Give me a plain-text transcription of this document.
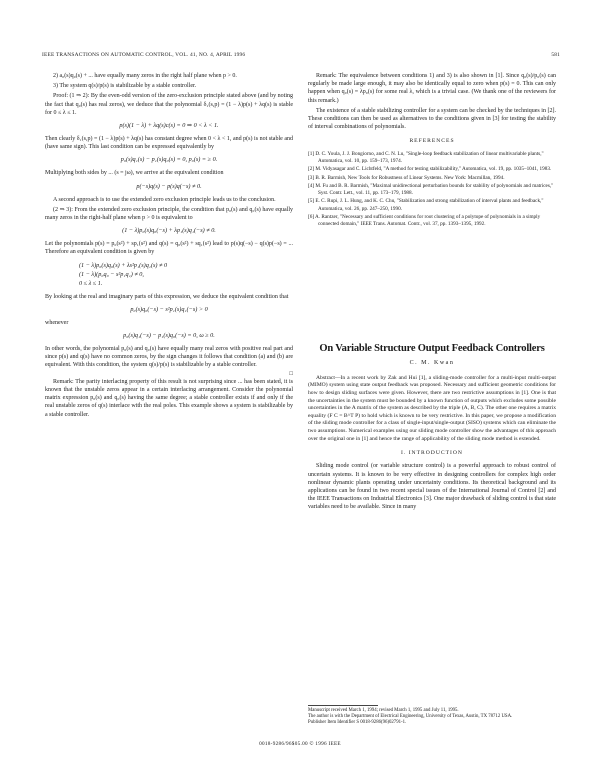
IEEE TRANSACTIONS ON AUTOMATIC CONTROL, VOL. 41, NO. 4, APRIL 1996	581

2) a₀(s)q₀(s) + ... have equally many zeros in the right half plane when p > 0.

3) The system q(s)/p(s) is stabilizable by a stable controller.

Proof: (1 ⇒ 2): By the even-odd version of the zero-exclusion principle stated above (and by noting the fact that q₀(s) has real zeros), we deduce that the polynomial δ₁(s,p) = (1 − λ)p(s) + λq(s) is stable for 0 ≤ λ ≤ 1.

p(s)(1 − λ) + λq(s)c(s) = 0 ⇒ 0 < λ < 1.

Then clearly δ₁(s,p) = (1 − λ)p(s) + λq(s) has constant degree when 0 < λ < 1, and p(s) is not stable and (have same sign). This last condition can be expressed equivalently by

p₀(s)q₁(s) − p₁(s)q₀(s) = 0, p₀(s) = ≥ 0.

Multiplying both sides by ... (s = jω), we arrive at the equivalent condition

p(−s)q(s) − p(s)q(−s) ≠ 0.

A second approach is to use the extended zero exclusion principle leads us to the conclusion.

(2 ⇒ 3): From the extended zero exclusion principle, the condition that p₀(s) and q₀(s) have equally many zeros in the right-half plane when p > 0 is equivalent to

(1 − λ)p₀(s)q₀(−s) + λp₁(s)q₁(−s) ≠ 0.

Let the polynomials p(s) = p₀(s²) + sp₁(s²) and q(s) = q₀(s²) + sq₁(s²) lead to p(s)q(−s) − q(s)p(−s) = ... Therefore an equivalent condition is given by

(1 − λ)p₀(s)q₀(s) + λs²p₁(s)q₁(s) ≠ 0
(1 − λ)(p₀q₀ − s²p₁q₁) ≠ 0,
0 ≤ λ ≤ 1.

By looking at the real and imaginary parts of this expression, we deduce the equivalent condition that

p₀(s)q₀(−s) − s²p₁(s)q₁(−s) > 0

whenever

p₀(s)q₁(−s) − p₁(s)q₀(−s) = 0, ω ≥ 0.

In other words, the polynomial p₀(s) and q₀(s) have equally many real zeros with positive real part and since p(s) and q(s) have no common zeros, by the sign changes it follows that condition (a) and (b) are equivalent. With this condition, the system q(s)/p(s) is stabilizable by a stable controller.

□

Remark: The parity interlacing property of this result is not surprising since ... has been stated, it is known that the unstable zeros appear in a certain interlacing arrangement. Consider the polynomial matrix expression p₀(s) and q₀(s) having the same degree; a stable controller exists if and only if the real unstable zeros of q(s) interlace with the real poles. This example shows a system is stabilizable by a stable controller.

Remark: The equivalence between conditions 1) and 3) is also shown in [1]. Since q₀(s)/p₀(s) can regularly be made large enough, it may also be identically equal to zero when p(s) = 0. This can only happen when q₀(s) = λp₀(s) for some real λ, which is a trivial case. (We thank one of the reviewers for this remark.)

The existence of a stable stabilizing controller for a system can be checked by the techniques in [2]. These conditions can then be used as alternatives to the conditions given in [3] for testing the stability of interval combinations of polynomials.

REFERENCES

[1] D. C. Youla, J. J. Bongiorno, and C. N. Lu, "Single-loop feedback stabilization of linear multivariable plants," Automatica, vol. 10, pp. 159–173, 1974.

[2] M. Vidyasagar and C. Lichtfeld, "A method for testing stabilizability," Automatica, vol. 19, pp. 1035–1041, 1983.

[3] B. R. Barmish, New Tools for Robustness of Linear Systems. New York: Macmillan, 1994.

[4] M. Fu and B. R. Barmish, "Maximal unidirectional perturbation bounds for stability of polynomials and matrices," Syst. Contr. Lett., vol. 11, pp. 173–179, 1988.

[5] E. C. Rupi, J. L. Hung, and K. C. Chu, "Stabilization and strong stabilization of interval plants and feedback," Automatica, vol. 26, pp. 247–250, 1990.

[6] A. Rantzer, "Necessary and sufficient conditions for root clustering of a polytope of polynomials in a simply connected domain," IEEE Trans. Automat. Contr., vol. 37, pp. 1393–1395, 1992.

On Variable Structure Output Feedback Controllers
C. M. Kwan

Abstract—In a recent work by Zak and Hui [1], a sliding-mode controller for a multi-input multi-output (MIMO) system using state output feedback was proposed. Necessary and sufficient geometric conditions for how to design sliding surfaces were given. However, there are two restrictive assumptions in [1]. One is that the uncertainties in the system must be bounded by a known function of outputs which excludes some possible uncertainties in the A matrix of the system as described by the triple (A, B, C). The other one requires a matrix equality (F C = B^T P) to hold which is known to be very restrictive. In this paper, we propose a modification of the sliding mode controller for a class of single-input/single-output (SISO) systems which can eliminate the two assumptions. Numerical examples using our sliding mode controller show the advantages of this approach over the original one in [1] and hence the range of applicability of the sliding mode method is extended.

I. INTRODUCTION

Sliding mode control (or variable structure control) is a powerful approach to robust control of uncertain systems. It is known to be very effective in designing controllers for complex high order nonlinear dynamic plants operating under uncertainty conditions. Its theoretical background and its applications can be found in two recent special issues of the International Journal of Control [2] and the IEEE Transactions on Industrial Electronics [3]. One major drawback of sliding control is that state variables need to be available. Since in many

Manuscript received March 1, 1994; revised March 1, 1995 and July 11, 1995.
The author is with the Department of Electrical Engineering, University of Texas, Austin, TX 78712 USA.
Publisher Item Identifier S 0018-9286(96)02791-1.
0018-9286/96$05.00 © 1996 IEEE
